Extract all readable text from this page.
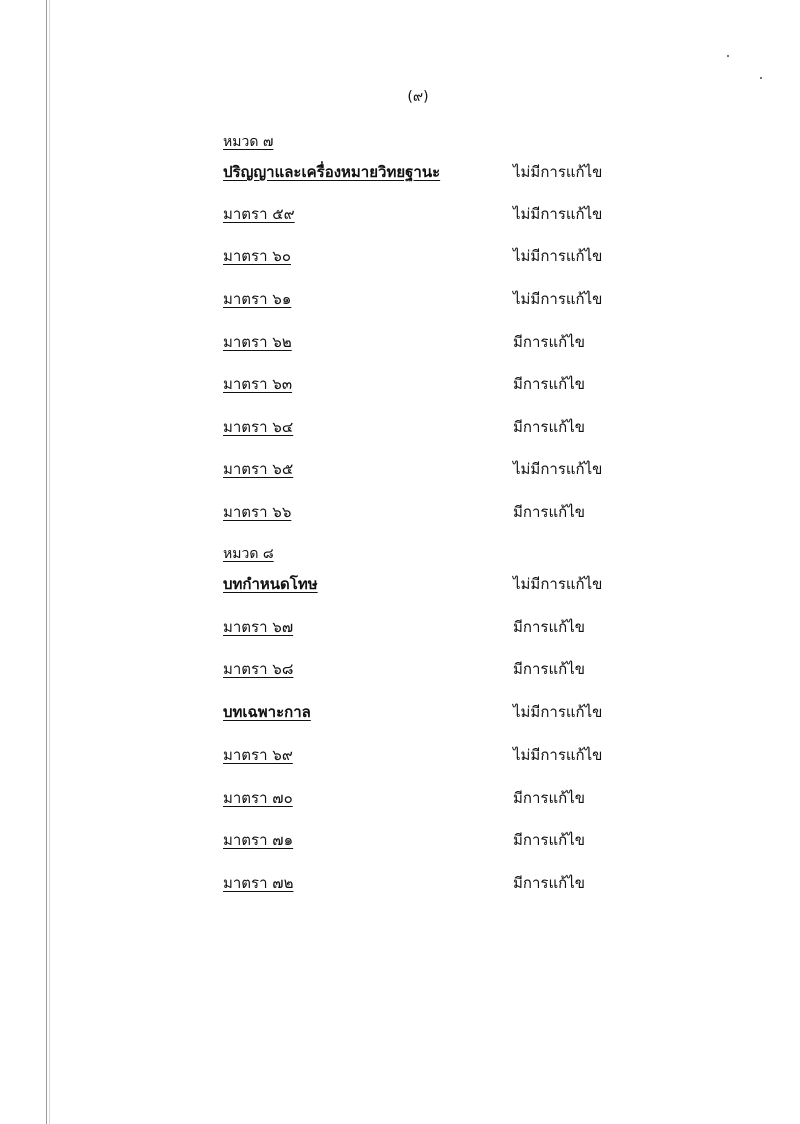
(๙)
หมวด ๗
ปริญญาและเครื่องหมายวิทยฐานะ	ไม่มีการแก้ไข
มาตรา ๕๙	ไม่มีการแก้ไข
มาตรา ๖๐	ไม่มีการแก้ไข
มาตรา ๖๑	ไม่มีการแก้ไข
มาตรา ๖๒	มีการแก้ไข
มาตรา ๖๓	มีการแก้ไข
มาตรา ๖๔	มีการแก้ไข
มาตรา ๖๕	ไม่มีการแก้ไข
มาตรา ๖๖	มีการแก้ไข
หมวด ๘
บทกำหนดโทษ	ไม่มีการแก้ไข
มาตรา ๖๗	มีการแก้ไข
มาตรา ๖๘	มีการแก้ไข
บทเฉพาะกาล	ไม่มีการแก้ไข
มาตรา ๖๙	ไม่มีการแก้ไข
มาตรา ๗๐	มีการแก้ไข
มาตรา ๗๑	มีการแก้ไข
มาตรา ๗๒	มีการแก้ไข
